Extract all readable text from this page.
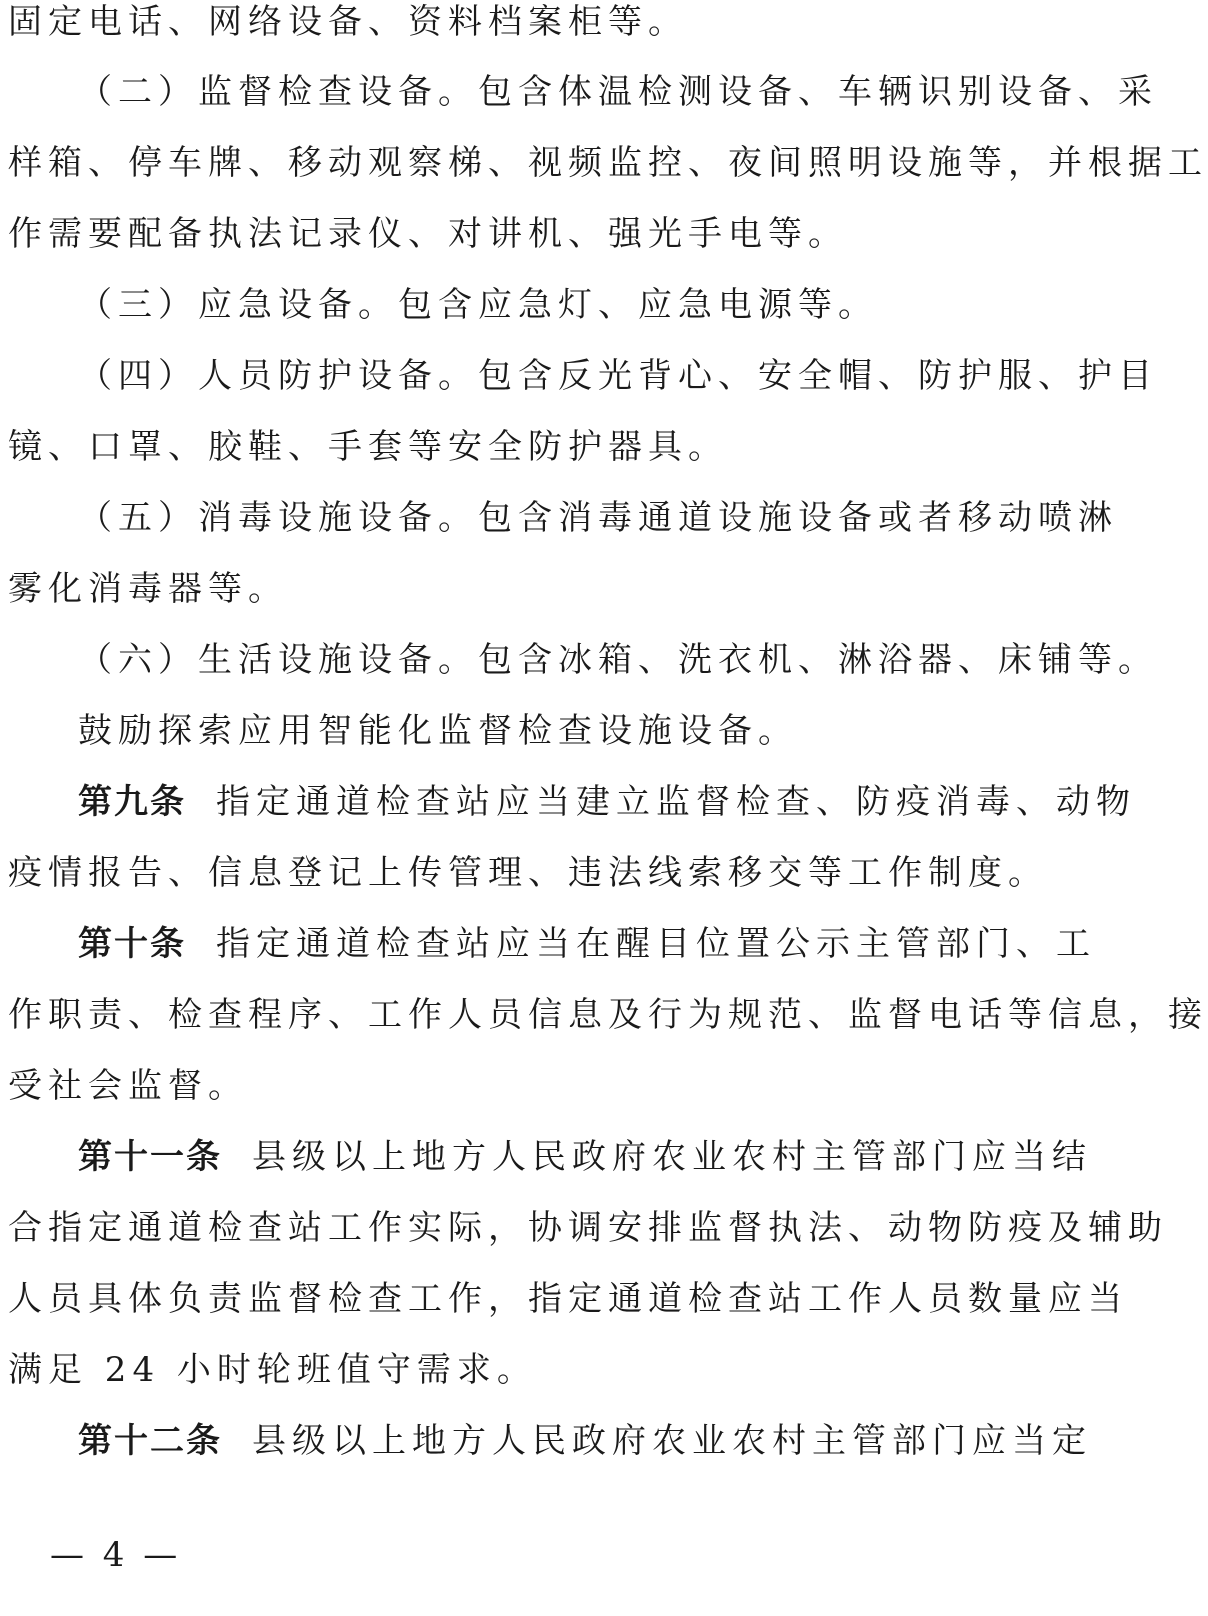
固定电话、网络设备、资料档案柜等。
（二）监督检查设备。包含体温检测设备、车辆识别设备、采
样箱、停车牌、移动观察梯、视频监控、夜间照明设施等，并根据工
作需要配备执法记录仪、对讲机、强光手电等。
（三）应急设备。包含应急灯、应急电源等。
（四）人员防护设备。包含反光背心、安全帽、防护服、护目
镜、口罩、胶鞋、手套等安全防护器具。
（五）消毒设施设备。包含消毒通道设施设备或者移动喷淋
雾化消毒器等。
（六）生活设施设备。包含冰箱、洗衣机、淋浴器、床铺等。
鼓励探索应用智能化监督检查设施设备。
第九条 指定通道检查站应当建立监督检查、防疫消毒、动物
疫情报告、信息登记上传管理、违法线索移交等工作制度。
第十条 指定通道检查站应当在醒目位置公示主管部门、工
作职责、检查程序、工作人员信息及行为规范、监督电话等信息，接
受社会监督。
第十一条 县级以上地方人民政府农业农村主管部门应当结
合指定通道检查站工作实际，协调安排监督执法、动物防疫及辅助
人员具体负责监督检查工作，指定通道检查站工作人员数量应当
满足 24 小时轮班值守需求。
第十二条 县级以上地方人民政府农业农村主管部门应当定
— 4 —
